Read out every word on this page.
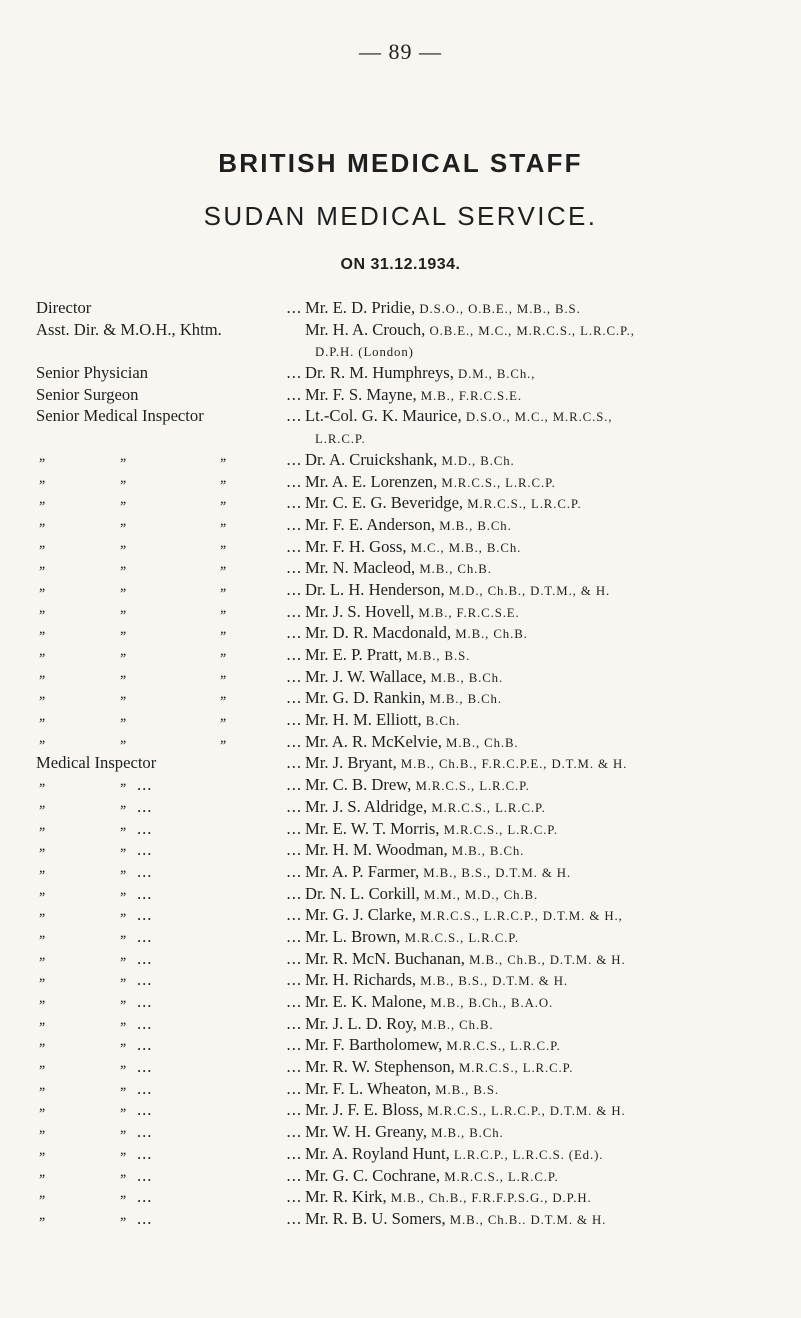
— 89 —
BRITISH MEDICAL STAFF
SUDAN MEDICAL SERVICE.
ON 31.12.1934.
Director	... Mr. E. D. Pridie, D.S.O., O.B.E., M.B., B.S.
Asst. Dir. & M.O.H., Khtm.	Mr. H. A. Crouch, O.B.E., M.C., M.R.C.S., L.R.C.P.,
D.P.H. (London)
Senior Physician	... Dr. R. M. Humphreys, D.M., B.Ch.,
Senior Surgeon	... Mr. F. S. Mayne, M.B., F.R.C.S.E.
Senior Medical Inspector	... Lt.-Col. G. K. Maurice, D.S.O., M.C., M.R.C.S.,
L.R.C.P.
,,	,,	,,	... Dr. A. Cruickshank, M.D., B.Ch.
,,	,,	,,	... Mr. A. E. Lorenzen, M.R.C.S., L.R.C.P.
,,	,,	,,	... Mr. C. E. G. Beveridge, M.R.C.S., L.R.C.P.
,,	,,	,,	... Mr. F. E. Anderson, M.B., B.Ch.
,,	,,	,,	... Mr. F. H. Goss, M.C., M.B., B.Ch.
,,	,,	,,	... Mr. N. Macleod, M.B., Ch.B.
,,	,,	,,	... Dr. L. H. Henderson, M.D., Ch.B., D.T.M., & H.
,,	,,	,,	... Mr. J. S. Hovell, M.B., F.R.C.S.E.
,,	,,	,,	... Mr. D. R. Macdonald, M.B., Ch.B.
,,	,,	,,	... Mr. E. P. Pratt, M.B., B.S.
,,	,,	,,	... Mr. J. W. Wallace, M.B., B.Ch.
,,	,,	,,	... Mr. G. D. Rankin, M.B., B.Ch.
,,	,,	,,	... Mr. H. M. Elliott, B.Ch.
,,	,,	,,	... Mr. A. R. McKelvie, M.B., Ch.B.
Medical Inspector	... Mr. J. Bryant, M.B., Ch.B., F.R.C.P.E., D.T.M. & H.
,,	,, ...	... Mr. C. B. Drew, M.R.C.S., L.R.C.P.
,,	,, ...	... Mr. J. S. Aldridge, M.R.C.S., L.R.C.P.
,,	,, ...	... Mr. E. W. T. Morris, M.R.C.S., L.R.C.P.
,,	,, ...	... Mr. H. M. Woodman, M.B., B.Ch.
,,	,, ...	... Mr. A. P. Farmer, M.B., B.S., D.T.M. & H.
,,	,, ...	... Dr. N. L. Corkill, M.M., M.D., Ch.B.
,,	,, ...	... Mr. G. J. Clarke, M.R.C.S., L.R.C.P., D.T.M. & H.,
,,	,, ...	... Mr. L. Brown, M.R.C.S., L.R.C.P.
,,	,, ...	... Mr. R. McN. Buchanan, M.B., Ch.B., D.T.M. & H.
,,	,, ...	... Mr. H. Richards, M.B., B.S., D.T.M. & H.
,,	,, ...	... Mr. E. K. Malone, M.B., B.Ch., B.A.O.
,,	,, ...	... Mr. J. L. D. Roy, M.B., Ch.B.
,,	,, ...	... Mr. F. Bartholomew, M.R.C.S., L.R.C.P.
,,	,, ...	... Mr. R. W. Stephenson, M.R.C.S., L.R.C.P.
,,	,, ...	... Mr. F. L. Wheaton, M.B., B.S.
,,	,, ...	... Mr. J. F. E. Bloss, M.R.C.S., L.R.C.P., D.T.M. & H.
,,	,, ...	... Mr. W. H. Greany, M.B., B.Ch.
,,	,, ...	... Mr. A. Royland Hunt, L.R.C.P., L.R.C.S. (Ed.).
,,	,, ...	... Mr. G. C. Cochrane, M.R.C.S., L.R.C.P.
,,	,, ...	... Mr. R. Kirk, M.B., Ch.B., F.R.F.P.S.G., D.P.H.
,,	,, ...	... Mr. R. B. U. Somers, M.B., Ch.B.. D.T.M. & H.
